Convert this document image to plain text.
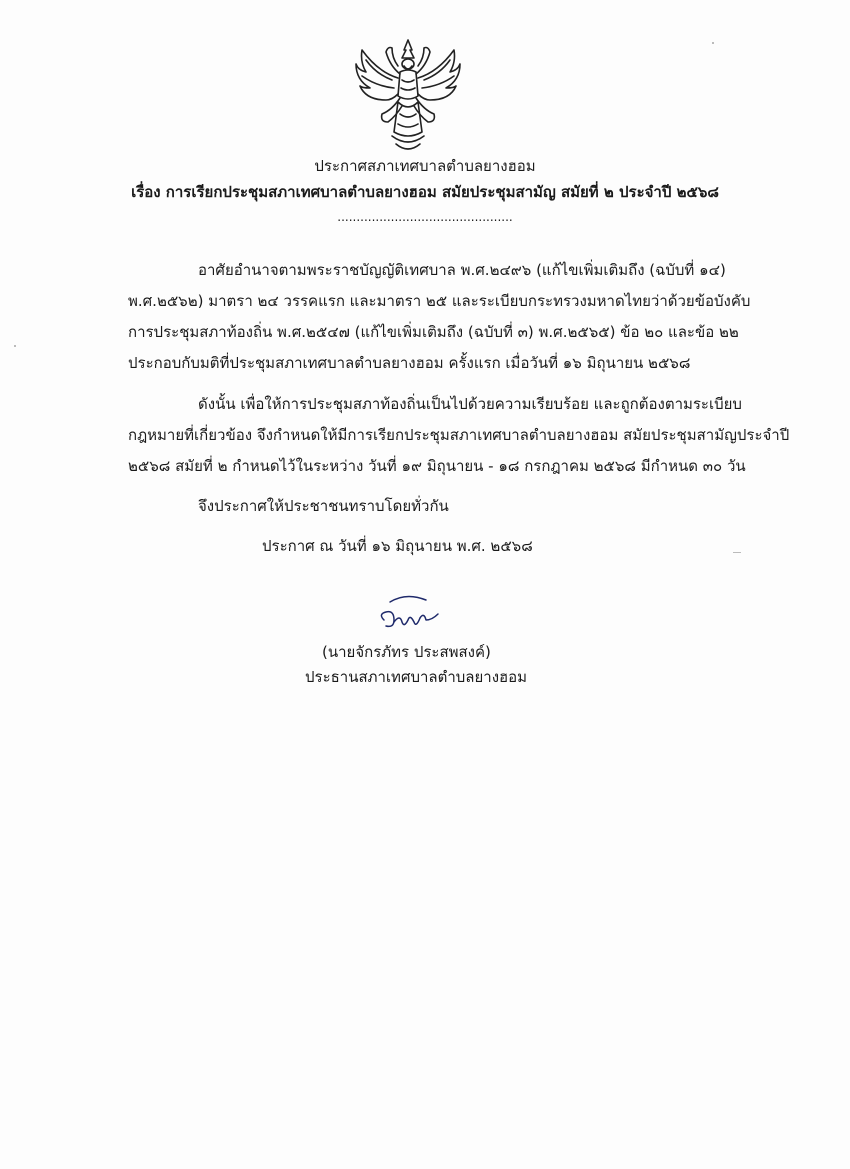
ประกาศสภาเทศบาลตำบลยางฮอม
เรื่อง การเรียกประชุมสภาเทศบาลตำบลยางฮอม สมัยประชุมสามัญ สมัยที่ ๒ ประจำปี ๒๕๖๘
..............................................
อาศัยอำนาจตามพระราชบัญญัติเทศบาล พ.ศ.๒๔๙๖ (แก้ไขเพิ่มเติมถึง (ฉบับที่ ๑๔)
พ.ศ.๒๕๖๒) มาตรา ๒๔ วรรคแรก และมาตรา ๒๕ และระเบียบกระทรวงมหาดไทยว่าด้วยข้อบังคับ
การประชุมสภาท้องถิ่น พ.ศ.๒๕๔๗ (แก้ไขเพิ่มเติมถึง (ฉบับที่ ๓) พ.ศ.๒๕๖๕) ข้อ ๒๐ และข้อ ๒๒
ประกอบกับมติที่ประชุมสภาเทศบาลตำบลยางฮอม ครั้งแรก เมื่อวันที่ ๑๖ มิถุนายน ๒๕๖๘
ดังนั้น เพื่อให้การประชุมสภาท้องถิ่นเป็นไปด้วยความเรียบร้อย และถูกต้องตามระเบียบ
กฎหมายที่เกี่ยวข้อง จึงกำหนดให้มีการเรียกประชุมสภาเทศบาลตำบลยางฮอม สมัยประชุมสามัญประจำปี
๒๕๖๘ สมัยที่ ๒ กำหนดไว้ในระหว่าง วันที่ ๑๙ มิถุนายน - ๑๘ กรกฎาคม ๒๕๖๘ มีกำหนด ๓๐ วัน
จึงประกาศให้ประชาชนทราบโดยทั่วกัน
ประกาศ ณ วันที่ ๑๖ มิถุนายน พ.ศ. ๒๕๖๘
(นายจักรภัทร ประสพสงค์)
ประธานสภาเทศบาลตำบลยางฮอม
